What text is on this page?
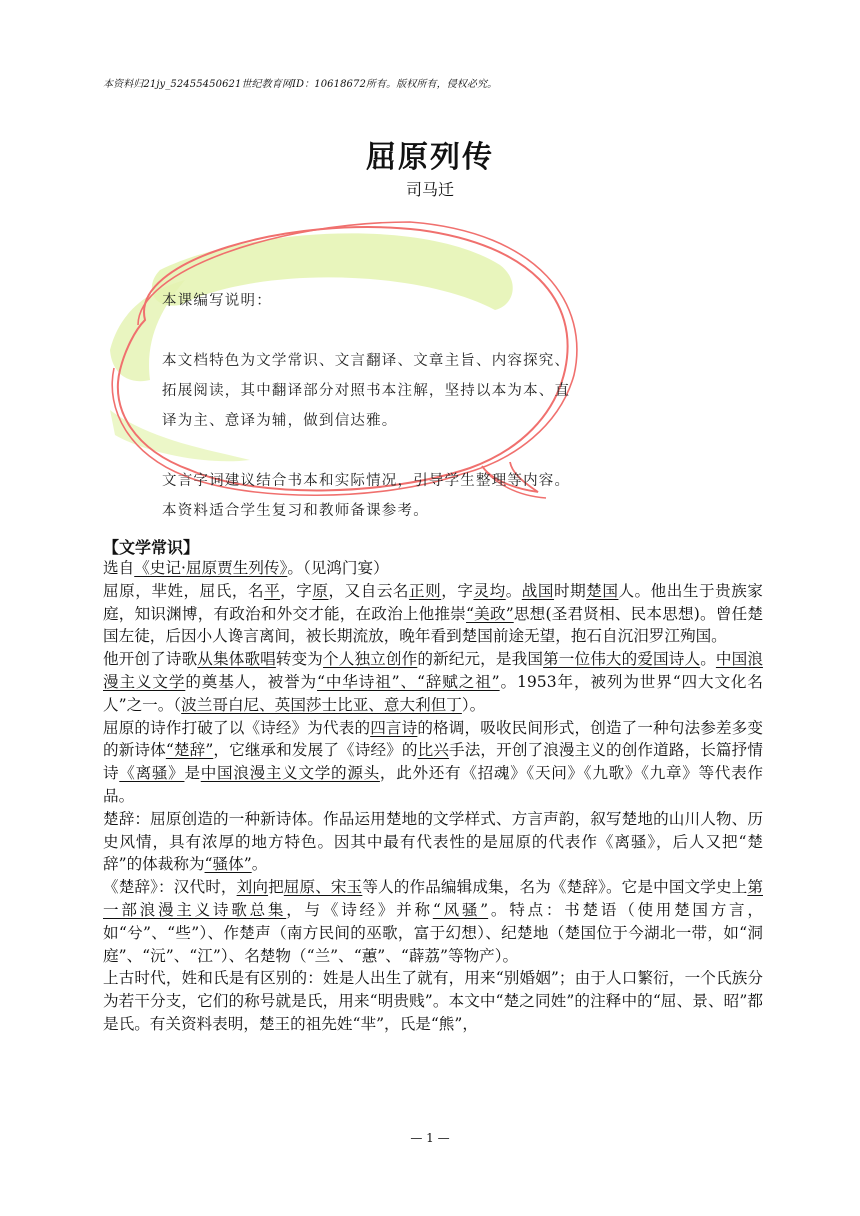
本资料归21jy_52455450621世纪教育网ID：10618672所有。版权所有，侵权必究。
屈原列传
司马迁

本课编写说明：

本文档特色为文学常识、文言翻译、文章主旨、内容探究、拓展阅读，其中翻译部分对照书本注解，坚持以本为本、直译为主、意译为辅，做到信达雅。

文言字词建议结合书本和实际情况，引导学生整理等内容。本资料适合学生复习和教师备课参考。

【文学常识】

选自《史记·屈原贾生列传》。（见鸿门宴）

屈原，芈姓，屈氏，名平，字原，又自云名正则，字灵均。战国时期楚国人。他出生于贵族家庭，知识渊博，有政治和外交才能，在政治上他推崇“美政”思想(圣君贤相、民本思想)。曾任楚国左徒，后因小人谗言离间，被长期流放，晚年看到楚国前途无望，抱石自沉汨罗江殉国。

他开创了诗歌从集体歌唱转变为个人独立创作的新纪元，是我国第一位伟大的爱国诗人。中国浪漫主义文学的奠基人，被誉为“中华诗祖”、“辞赋之祖”。1953年，被列为世界“四大文化名人”之一。（波兰哥白尼、英国莎士比亚、意大利但丁）。

屈原的诗作打破了以《诗经》为代表的四言诗的格调，吸收民间形式，创造了一种句法参差多变的新诗体“楚辞”，它继承和发展了《诗经》的比兴手法，开创了浪漫主义的创作道路，长篇抒情诗《离骚》是中国浪漫主义文学的源头，此外还有《招魂》《天问》《九歌》《九章》等代表作品。

楚辞：屈原创造的一种新诗体。作品运用楚地的文学样式、方言声韵，叙写楚地的山川人物、历史风情，具有浓厚的地方特色。因其中最有代表性的是屈原的代表作《离骚》，后人又把“楚辞”的体裁称为“骚体”。

《楚辞》：汉代时，刘向把屈原、宋玉等人的作品编辑成集，名为《楚辞》。它是中国文学史上第一部浪漫主义诗歌总集，与《诗经》并称“风骚”。特点：书楚语（使用楚国方言，如“兮”、“些”）、作楚声（南方民间的巫歌，富于幻想）、纪楚地（楚国位于今湖北一带，如“洞庭”、“沅”、“江”）、名楚物（“兰”、“蕙”、“薜荔”等物产）。

上古时代，姓和氏是有区别的：姓是人出生了就有，用来“别婚姻”；由于人口繁衍，一个氏族分为若干分支，它们的称号就是氏，用来“明贵贱”。本文中“楚之同姓”的注释中的“屈、景、昭”都是氏。有关资料表明，楚王的祖先姓“芈”，氏是“熊”，

— 1 —
